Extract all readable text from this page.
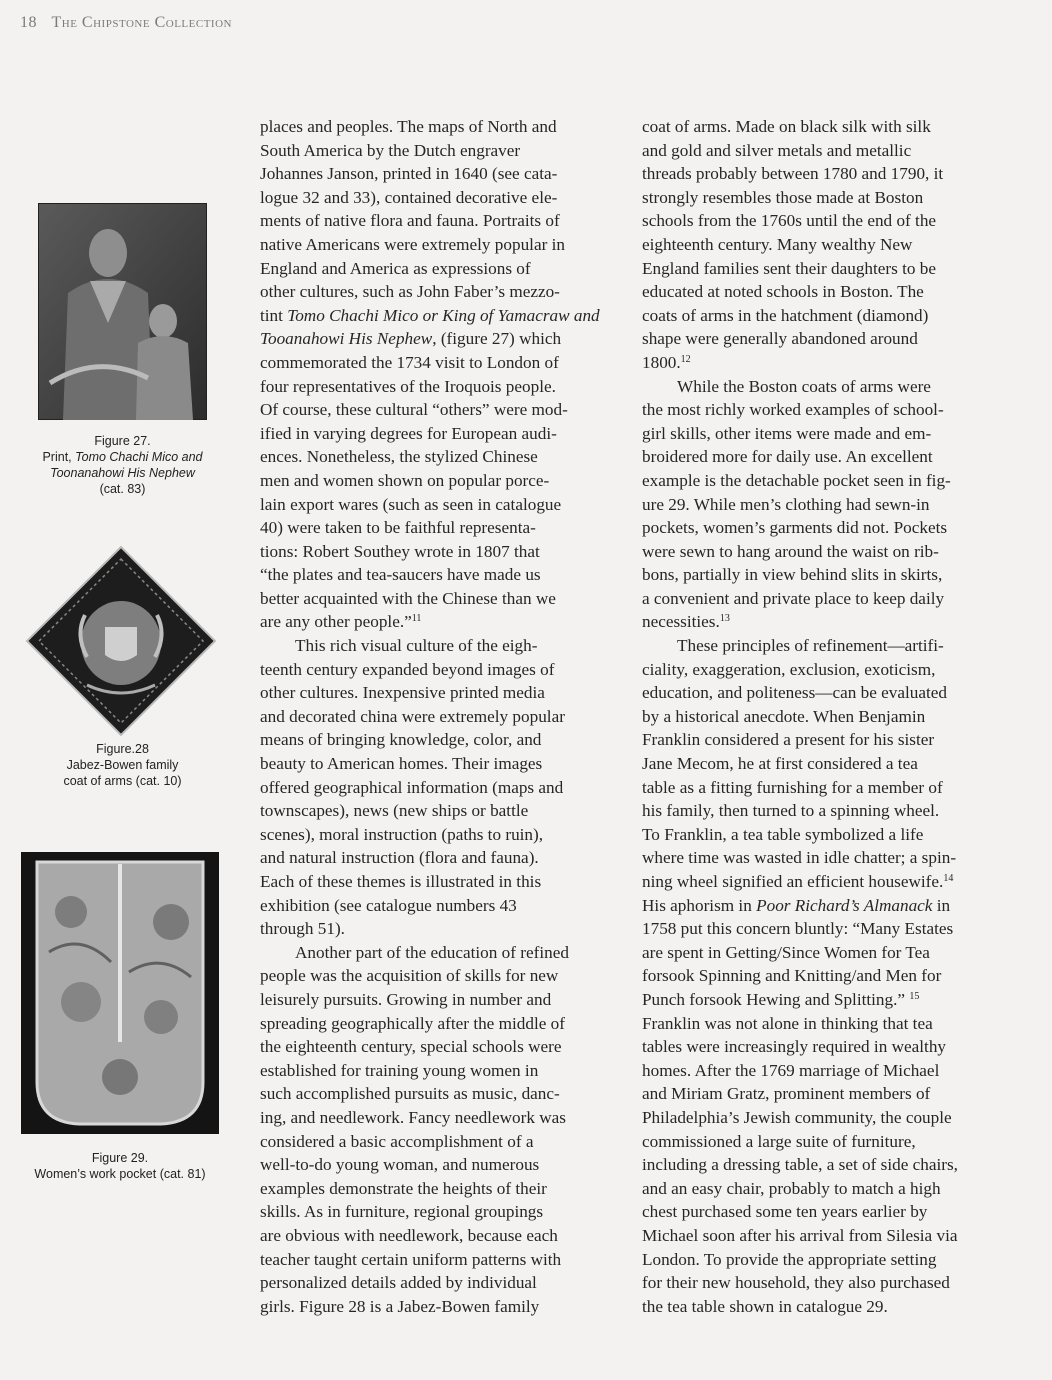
18 The Chipstone Collection
Figure 27.
Print, Tomo Chachi Mico and
Toonanahowi His Nephew
(cat. 83)
Figure.28
Jabez-Bowen family
coat of arms (cat. 10)
Figure 29.
Women’s work pocket (cat. 81)

places and peoples. The maps of North and
South America by the Dutch engraver
Johannes Janson, printed in 1640 (see cata-
logue 32 and 33), contained decorative ele-
ments of native flora and fauna. Portraits of
native Americans were extremely popular in
England and America as expressions of
other cultures, such as John Faber’s mezzo-
tint Tomo Chachi Mico or King of Yamacraw and
Tooanahowi His Nephew, (figure 27) which
commemorated the 1734 visit to London of
four representatives of the Iroquois people.
Of course, these cultural “others” were mod-
ified in varying degrees for European audi-
ences. Nonetheless, the stylized Chinese
men and women shown on popular porce-
lain export wares (such as seen in catalogue
40) were taken to be faithful representa-
tions: Robert Southey wrote in 1807 that
“the plates and tea-saucers have made us
better acquainted with the Chinese than we
are any other people.”$^{11}$

This rich visual culture of the eigh-
teenth century expanded beyond images of
other cultures. Inexpensive printed media
and decorated china were extremely popular
means of bringing knowledge, color, and
beauty to American homes. Their images
offered geographical information (maps and
townscapes), news (new ships or battle
scenes), moral instruction (paths to ruin),
and natural instruction (flora and fauna).
Each of these themes is illustrated in this
exhibition (see catalogue numbers 43
through 51).

Another part of the education of refined
people was the acquisition of skills for new
leisurely pursuits. Growing in number and
spreading geographically after the middle of
the eighteenth century, special schools were
established for training young women in
such accomplished pursuits as music, danc-
ing, and needlework. Fancy needlework was
considered a basic accomplishment of a
well-to-do young woman, and numerous
examples demonstrate the heights of their
skills. As in furniture, regional groupings
are obvious with needlework, because each
teacher taught certain uniform patterns with
personalized details added by individual
girls. Figure 28 is a Jabez-Bowen family

coat of arms. Made on black silk with silk
and gold and silver metals and metallic
threads probably between 1780 and 1790, it
strongly resembles those made at Boston
schools from the 1760s until the end of the
eighteenth century. Many wealthy New
England families sent their daughters to be
educated at noted schools in Boston. The
coats of arms in the hatchment (diamond)
shape were generally abandoned around
1800.12

While the Boston coats of arms were
the most richly worked examples of school-
girl skills, other items were made and em-
broidered more for daily use. An excellent
example is the detachable pocket seen in fig-
ure 29. While men’s clothing had sewn-in
pockets, women’s garments did not. Pockets
were sewn to hang around the waist on rib-
bons, partially in view behind slits in skirts,
a convenient and private place to keep daily
necessities.$^{13}$

These principles of refinement—artifi-
ciality, exaggeration, exclusion, exoticism,
education, and politeness—can be evaluated
by a historical anecdote. When Benjamin
Franklin considered a present for his sister
Jane Mecom, he at first considered a tea
table as a fitting furnishing for a member of
his family, then turned to a spinning wheel.
To Franklin, a tea table symbolized a life
where time was wasted in idle chatter; a spin-
ning wheel signified an efficient housewife.$^{14}$
His aphorism in Poor Richard’s Almanack in
1758 put this concern bluntly: “Many Estates
are spent in Getting/Since Women for Tea
forsook Spinning and Knitting/and Men for
Punch forsook Hewing and Splitting.” $^{15}$
Franklin was not alone in thinking that tea
tables were increasingly required in wealthy
homes. After the 1769 marriage of Michael
and Miriam Gratz, prominent members of
Philadelphia’s Jewish community, the couple
commissioned a large suite of furniture,
including a dressing table, a set of side chairs,
and an easy chair, probably to match a high
chest purchased some ten years earlier by
Michael soon after his arrival from Silesia via
London. To provide the appropriate setting
for their new household, they also purchased
the tea table shown in catalogue 29.
